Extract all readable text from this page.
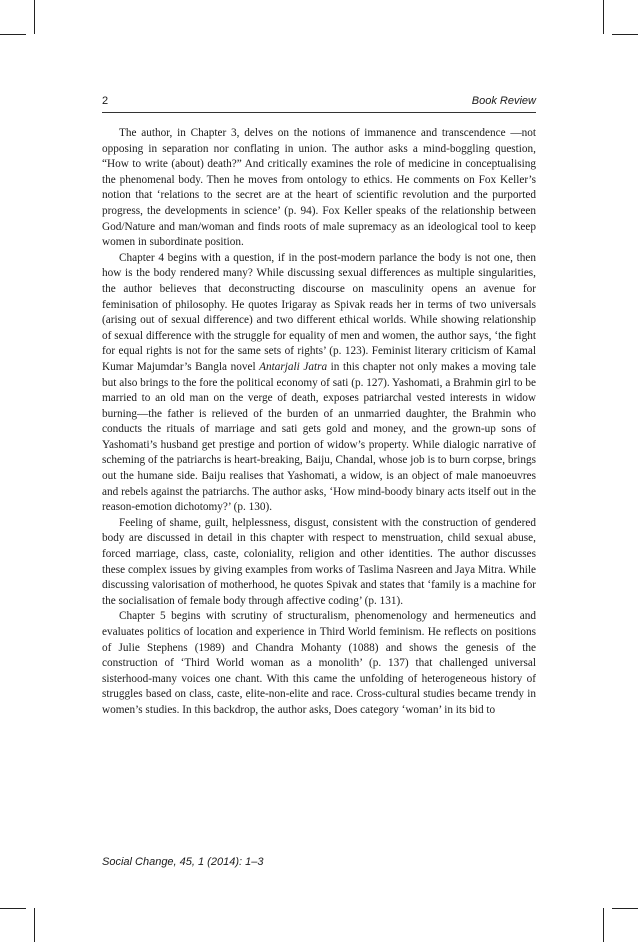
2	Book Review

The author, in Chapter 3, delves on the notions of immanence and transcendence —not opposing in separation nor conflating in union. The author asks a mind-boggling question, “How to write (about) death?” And critically examines the role of medicine in conceptualising the phenomenal body. Then he moves from ontology to ethics. He comments on Fox Keller’s notion that ‘relations to the secret are at the heart of scientific revolution and the purported progress, the developments in science’ (p. 94). Fox Keller speaks of the relationship between God/Nature and man/woman and finds roots of male supremacy as an ideological tool to keep women in subordinate position.

Chapter 4 begins with a question, if in the post-modern parlance the body is not one, then how is the body rendered many? While discussing sexual differences as multiple singularities, the author believes that deconstructing discourse on masculinity opens an avenue for feminisation of philosophy. He quotes Irigaray as Spivak reads her in terms of two universals (arising out of sexual difference) and two different ethical worlds. While showing relationship of sexual difference with the struggle for equality of men and women, the author says, ‘the fight for equal rights is not for the same sets of rights’ (p. 123). Feminist literary criticism of Kamal Kumar Majumdar’s Bangla novel Antarjali Jatra in this chapter not only makes a moving tale but also brings to the fore the political economy of sati (p. 127). Yashomati, a Brahmin girl to be married to an old man on the verge of death, exposes patriarchal vested interests in widow burning—the father is relieved of the burden of an unmarried daughter, the Brahmin who conducts the rituals of marriage and sati gets gold and money, and the grown-up sons of Yashomati’s husband get prestige and portion of widow’s property. While dialogic narrative of scheming of the patriarchs is heart-breaking, Baiju, Chandal, whose job is to burn corpse, brings out the humane side. Baiju realises that Yashomati, a widow, is an object of male manoeuvres and rebels against the patriarchs. The author asks, ‘How mind-boody binary acts itself out in the reason-emotion dichotomy?’ (p. 130).

Feeling of shame, guilt, helplessness, disgust, consistent with the construction of gendered body are discussed in detail in this chapter with respect to menstruation, child sexual abuse, forced marriage, class, caste, coloniality, religion and other identities. The author discusses these complex issues by giving examples from works of Taslima Nasreen and Jaya Mitra. While discussing valorisation of motherhood, he quotes Spivak and states that ‘family is a machine for the socialisation of female body through affective coding’ (p. 131).

Chapter 5 begins with scrutiny of structuralism, phenomenology and hermeneutics and evaluates politics of location and experience in Third World feminism. He reflects on positions of Julie Stephens (1989) and Chandra Mohanty (1088) and shows the genesis of the construction of ‘Third World woman as a monolith’ (p. 137) that challenged universal sisterhood-many voices one chant. With this came the unfolding of heterogeneous history of struggles based on class, caste, elite-non-elite and race. Cross-cultural studies became trendy in women’s studies. In this backdrop, the author asks, Does category ‘woman’ in its bid to

Social Change, 45, 1 (2014): 1–3
